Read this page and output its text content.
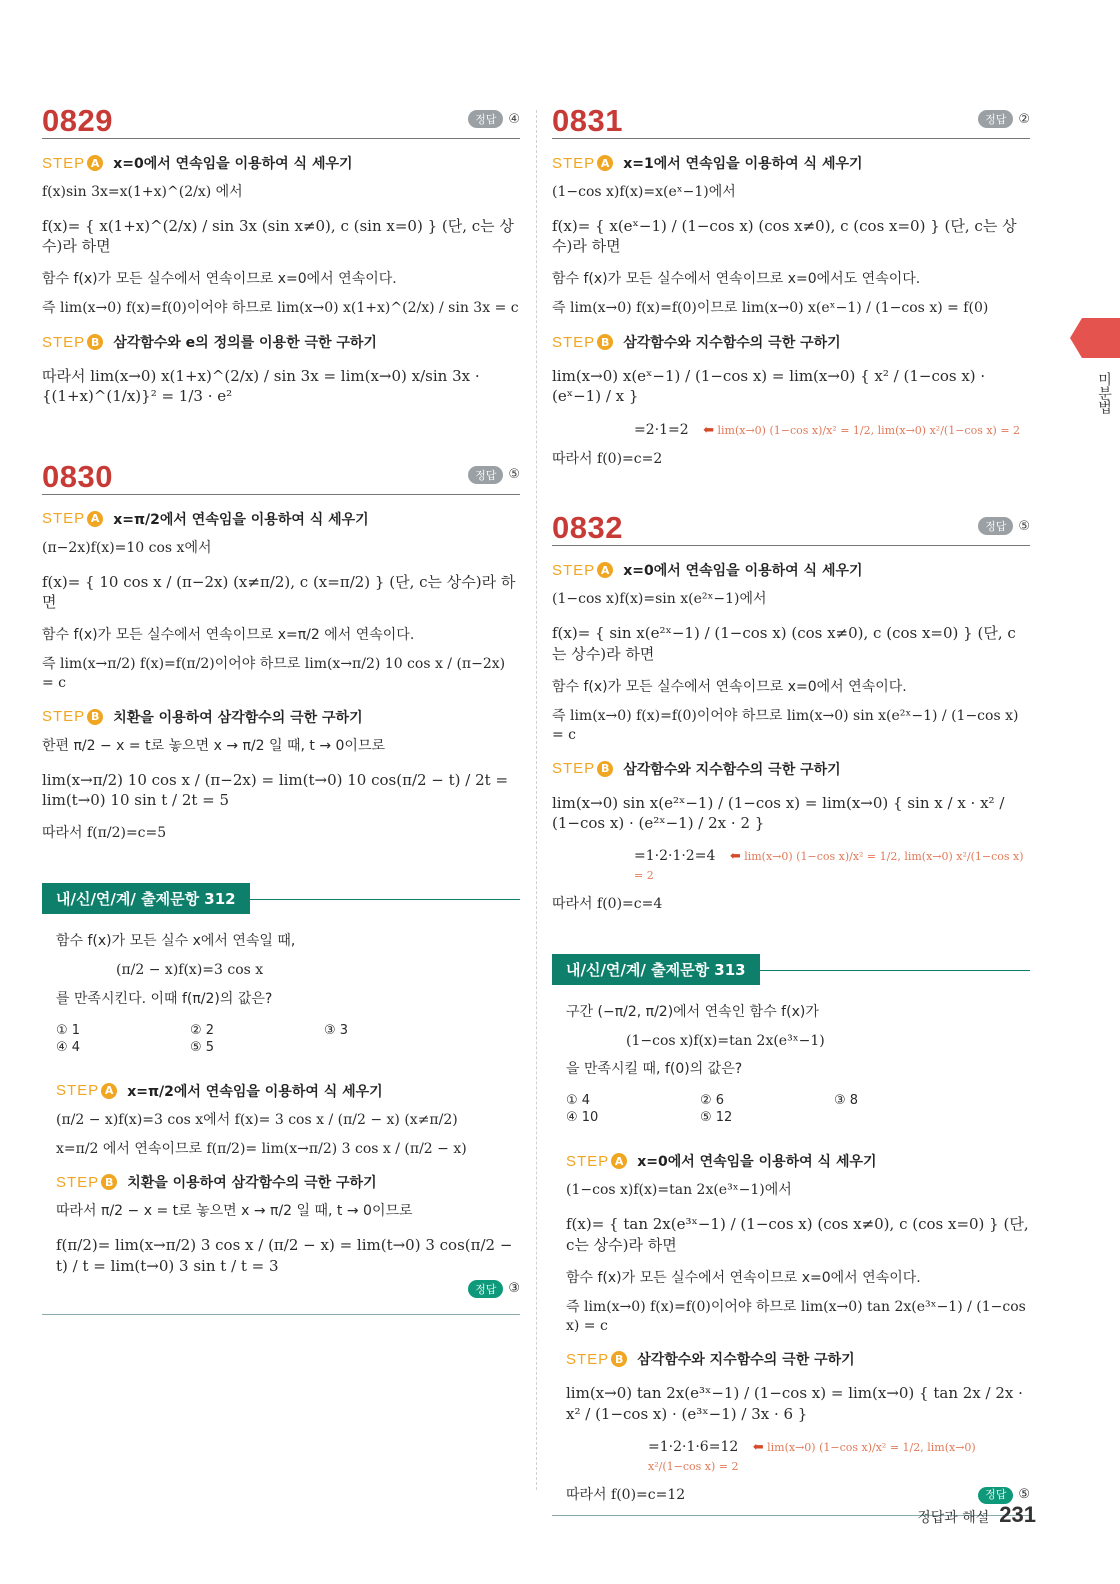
0829	정답 ④
STEP A x=0에서 연속임을 이용하여 식 세우기
f(x)sin 3x=x(1+x)^(2/x) 에서
f(x)= { x(1+x)^(2/x) / sin 3x (sin x≠0), c (sin x=0) } (단, c는 상수)라 하면
함수 f(x)가 모든 실수에서 연속이므로 x=0에서 연속이다.
즉 lim(x→0) f(x)=f(0)이어야 하므로 lim(x→0) x(1+x)^(2/x) / sin 3x = c
STEP B 삼각함수와 e의 정의를 이용한 극한 구하기
따라서 lim(x→0) x(1+x)^(2/x) / sin 3x = lim(x→0) x/sin 3x · {(1+x)^(1/x)}² = 1/3 · e²
0830	정답 ⑤
STEP A x=π/2에서 연속임을 이용하여 식 세우기
(π−2x)f(x)=10 cos x에서
f(x)= { 10 cos x / (π−2x) (x≠π/2), c (x=π/2) } (단, c는 상수)라 하면
함수 f(x)가 모든 실수에서 연속이므로 x=π/2 에서 연속이다.
즉 lim(x→π/2) f(x)=f(π/2)이어야 하므로 lim(x→π/2) 10 cos x / (π−2x) = c
STEP B 치환을 이용하여 삼각함수의 극한 구하기
한편 π/2 − x = t로 놓으면 x → π/2 일 때, t → 0이므로
lim(x→π/2) 10 cos x / (π−2x) = lim(t→0) 10 cos(π/2 − t) / 2t = lim(t→0) 10 sin t / 2t = 5
따라서 f(π/2)=c=5
내/신/연/계/ 출제문항 312
함수 f(x)가 모든 실수 x에서 연속일 때,
(π/2 − x)f(x)=3 cos x
를 만족시킨다. 이때 f(π/2)의 값은?
① 1	② 2	③ 3
④ 4	⑤ 5
STEP A x=π/2에서 연속임을 이용하여 식 세우기
(π/2 − x)f(x)=3 cos x에서 f(x)= 3 cos x / (π/2 − x) (x≠π/2)
x=π/2 에서 연속이므로 f(π/2)= lim(x→π/2) 3 cos x / (π/2 − x)
STEP B 치환을 이용하여 삼각함수의 극한 구하기
따라서 π/2 − x = t로 놓으면 x → π/2 일 때, t → 0이므로
f(π/2)= lim(x→π/2) 3 cos x / (π/2 − x) = lim(t→0) 3 cos(π/2 − t) / t = lim(t→0) 3 sin t / t = 3
정답 ③
0831	정답 ②
STEP A x=1에서 연속임을 이용하여 식 세우기
(1−cos x)f(x)=x(eˣ−1)에서
f(x)= { x(eˣ−1) / (1−cos x) (cos x≠0), c (cos x=0) } (단, c는 상수)라 하면
함수 f(x)가 모든 실수에서 연속이므로 x=0에서도 연속이다.
즉 lim(x→0) f(x)=f(0)이므로 lim(x→0) x(eˣ−1) / (1−cos x) = f(0)
STEP B 삼각함수와 지수함수의 극한 구하기
lim(x→0) x(eˣ−1) / (1−cos x) = lim(x→0) { x² / (1−cos x) · (eˣ−1) / x }
=2·1=2 ⬅ lim(x→0) (1−cos x)/x² = 1/2, lim(x→0) x²/(1−cos x) = 2
따라서 f(0)=c=2
0832	정답 ⑤
STEP A x=0에서 연속임을 이용하여 식 세우기
(1−cos x)f(x)=sin x(e²ˣ−1)에서
f(x)= { sin x(e²ˣ−1) / (1−cos x) (cos x≠0), c (cos x=0) } (단, c는 상수)라 하면
함수 f(x)가 모든 실수에서 연속이므로 x=0에서 연속이다.
즉 lim(x→0) f(x)=f(0)이어야 하므로 lim(x→0) sin x(e²ˣ−1) / (1−cos x) = c
STEP B 삼각함수와 지수함수의 극한 구하기
lim(x→0) sin x(e²ˣ−1) / (1−cos x) = lim(x→0) { sin x / x · x² / (1−cos x) · (e²ˣ−1) / 2x · 2 }
=1·2·1·2=4 ⬅ lim(x→0) (1−cos x)/x² = 1/2, lim(x→0) x²/(1−cos x) = 2
따라서 f(0)=c=4
내/신/연/계/ 출제문항 313
구간 (−π/2, π/2)에서 연속인 함수 f(x)가
(1−cos x)f(x)=tan 2x(e³ˣ−1)
을 만족시킬 때, f(0)의 값은?
① 4	② 6	③ 8
④ 10	⑤ 12
STEP A x=0에서 연속임을 이용하여 식 세우기
(1−cos x)f(x)=tan 2x(e³ˣ−1)에서
f(x)= { tan 2x(e³ˣ−1) / (1−cos x) (cos x≠0), c (cos x=0) } (단, c는 상수)라 하면
함수 f(x)가 모든 실수에서 연속이므로 x=0에서 연속이다.
즉 lim(x→0) f(x)=f(0)이어야 하므로 lim(x→0) tan 2x(e³ˣ−1) / (1−cos x) = c
STEP B 삼각함수와 지수함수의 극한 구하기
lim(x→0) tan 2x(e³ˣ−1) / (1−cos x) = lim(x→0) { tan 2x / 2x · x² / (1−cos x) · (e³ˣ−1) / 3x · 6 }
=1·2·1·6=12 ⬅ lim(x→0) (1−cos x)/x² = 1/2, lim(x→0) x²/(1−cos x) = 2
따라서 f(0)=c=12	정답 ⑤
미분법
정답과 해설 231
